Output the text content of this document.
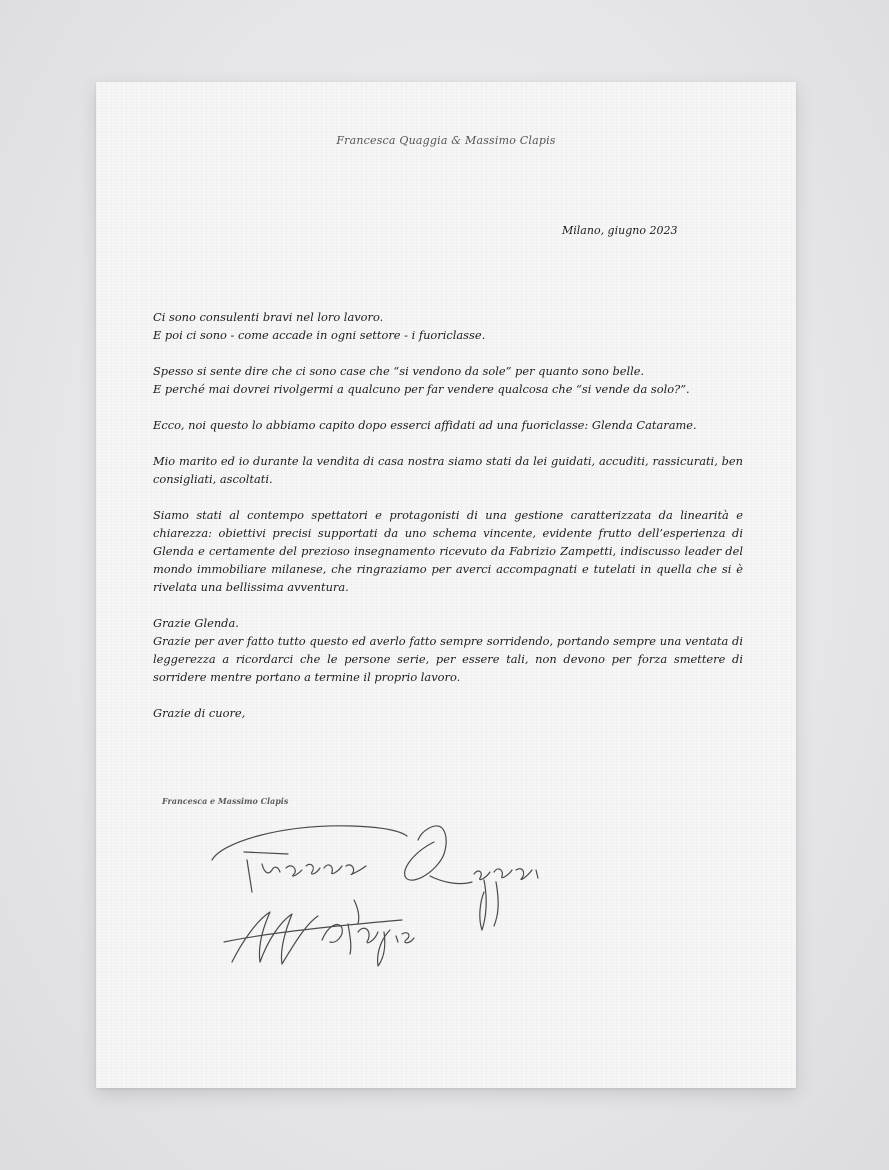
Francesca Quaggia & Massimo Clapis
Milano, giugno 2023

Ci sono consulenti bravi nel loro lavoro.
E poi ci sono - come accade in ogni settore - i fuoriclasse.

Spesso si sente dire che ci sono case che “si vendono da sole” per quanto sono belle.
E perché mai dovrei rivolgermi a qualcuno per far vendere qualcosa che “si vende da solo?”.

Ecco, noi questo lo abbiamo capito dopo esserci affidati ad una fuoriclasse: Glenda Catarame.

Mio marito ed io durante la vendita di casa nostra siamo stati da lei guidati, accuditi, rassicurati, ben consigliati, ascoltati.

Siamo stati al contempo spettatori e protagonisti di una gestione caratterizzata da linearità e chiarezza: obiettivi precisi supportati da uno schema vincente, evidente frutto dell’esperienza di Glenda e certamente del prezioso insegnamento ricevuto da Fabrizio Zampetti, indiscusso leader del mondo immobiliare milanese, che ringraziamo per averci accompagnati e tutelati in quella che si è rivelata una bellissima avventura.

Grazie Glenda.
Grazie per aver fatto tutto questo ed averlo fatto sempre sorridendo, portando sempre una ventata di leggerezza a ricordarci che le persone serie, per essere tali, non devono per forza smettere di sorridere mentre portano a termine il proprio lavoro.

Grazie di cuore,

Francesca e Massimo Clapis
